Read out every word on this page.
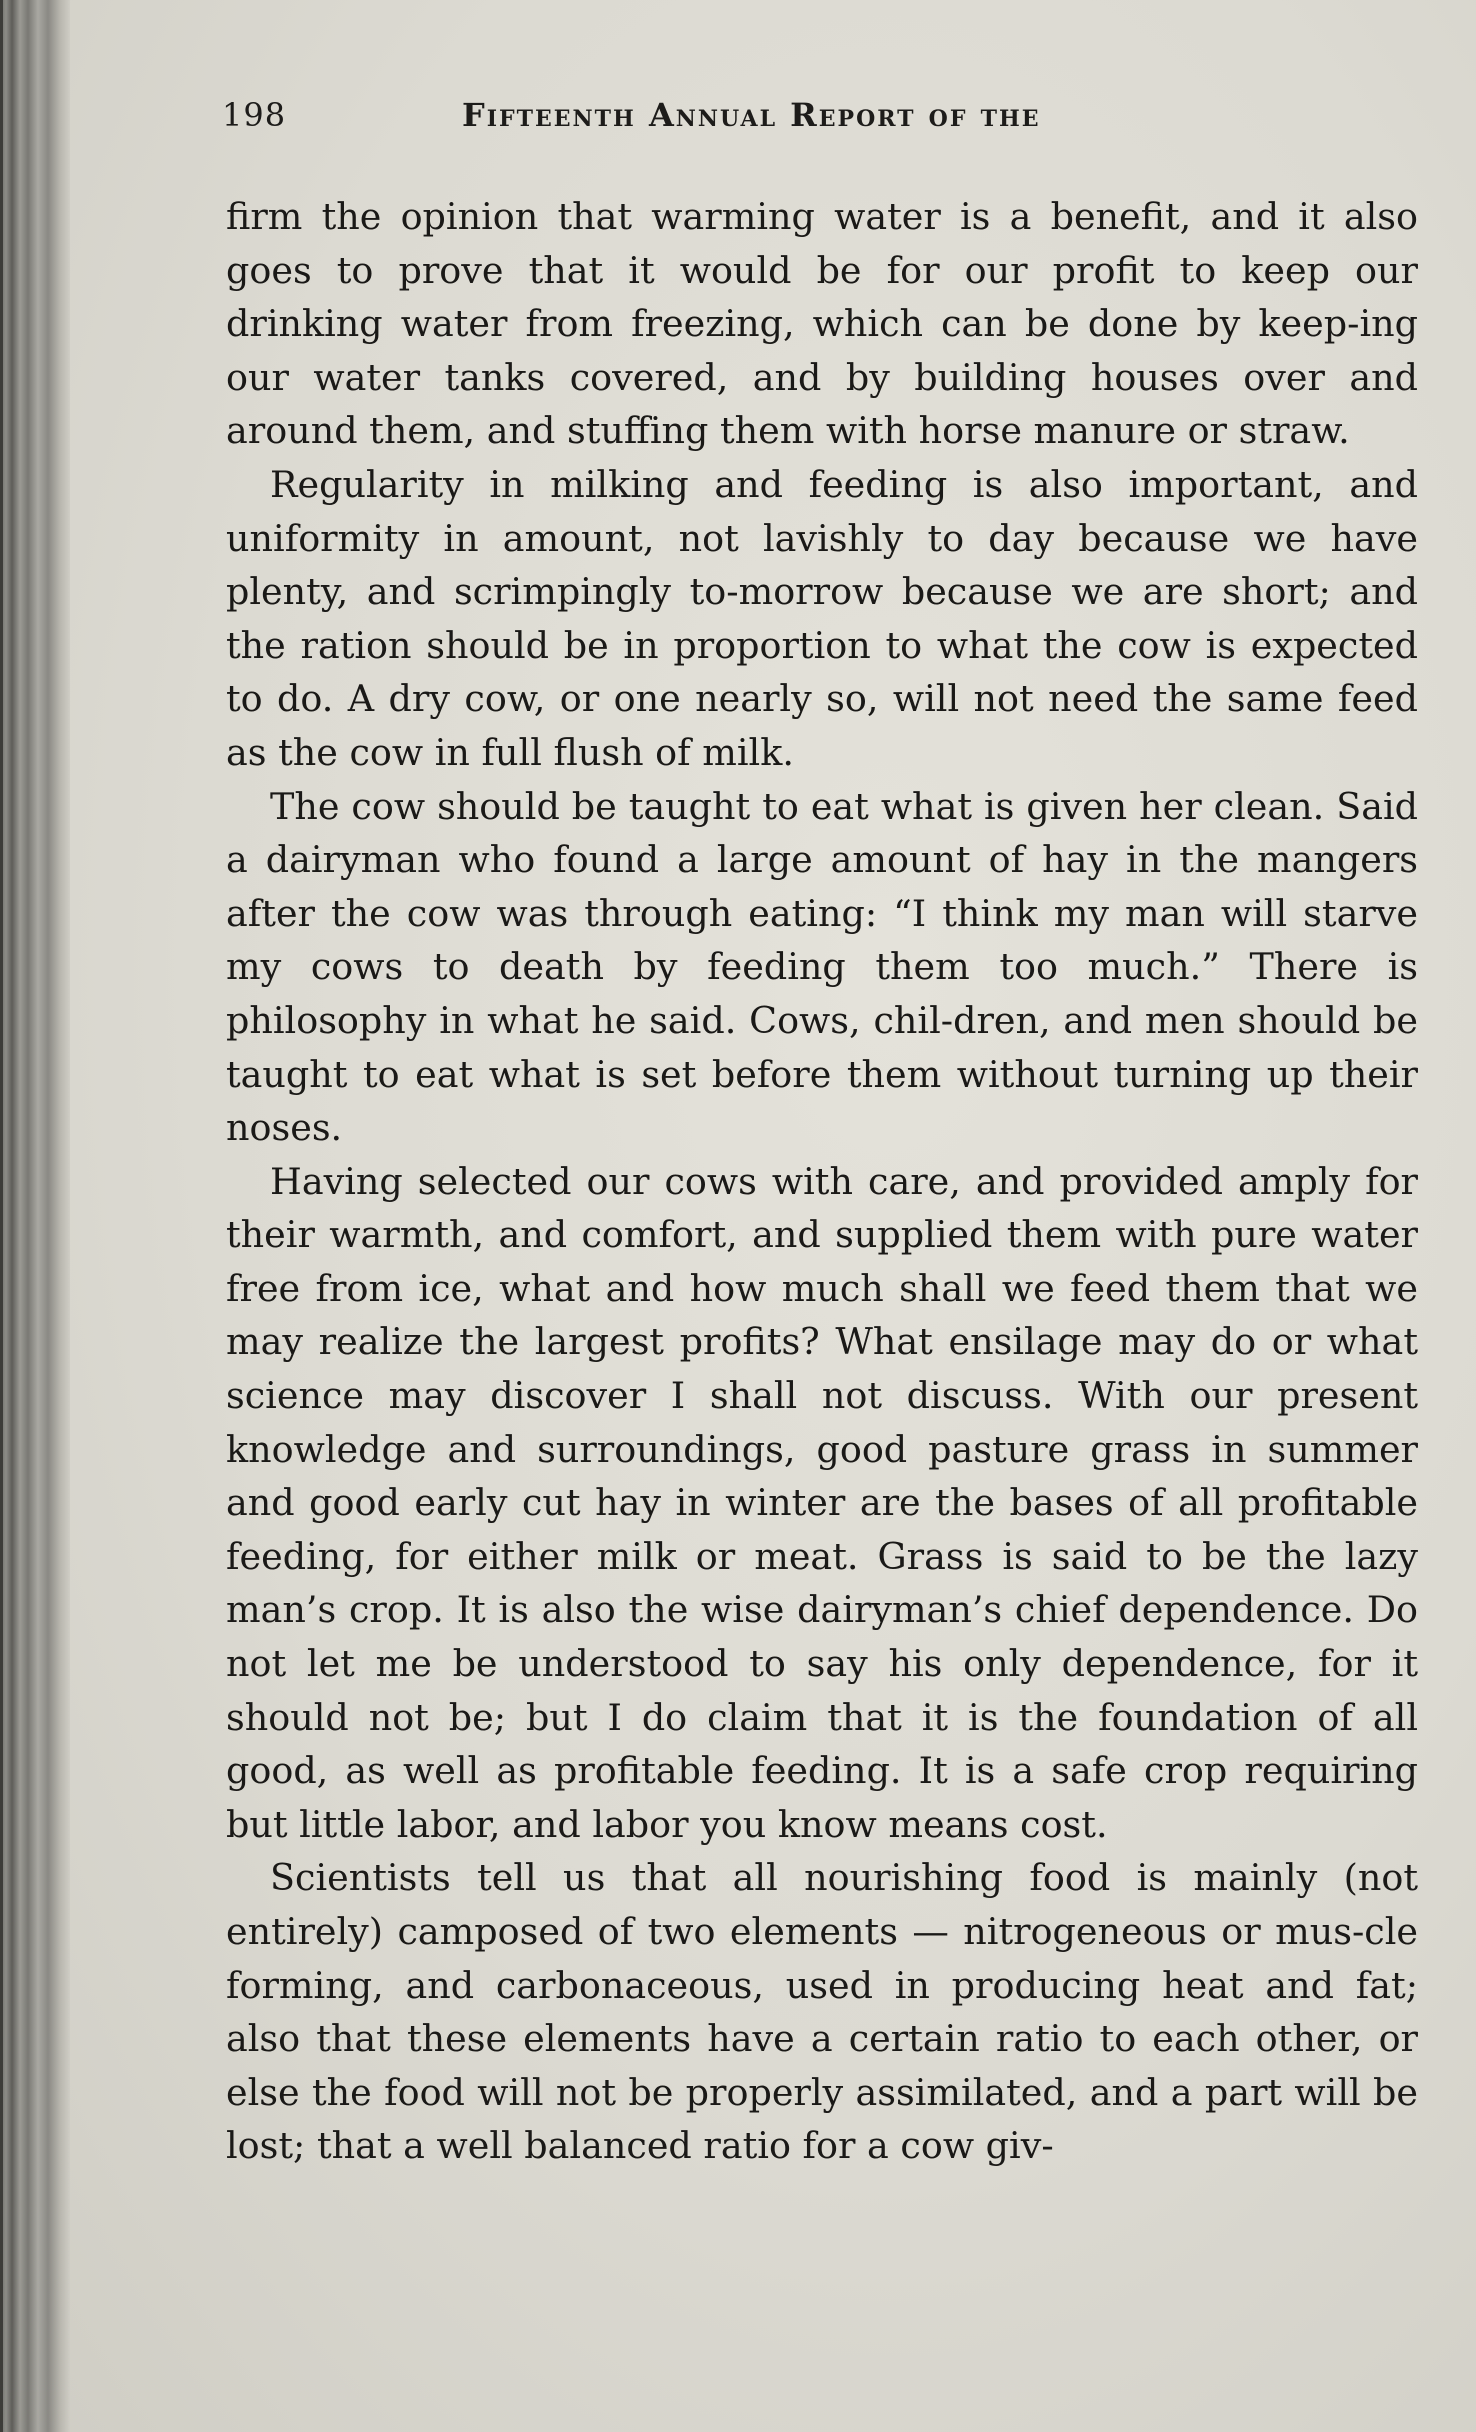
198	Fifteenth Annual Report of the

firm the opinion that warming water is a benefit, and it also goes to prove that it would be for our profit to keep our drinking water from freezing, which can be done by keep-ing our water tanks covered, and by building houses over and around them, and stuffing them with horse manure or straw.

Regularity in milking and feeding is also important, and uniformity in amount, not lavishly to day because we have plenty, and scrimpingly to-morrow because we are short; and the ration should be in proportion to what the cow is expected to do. A dry cow, or one nearly so, will not need the same feed as the cow in full flush of milk.

The cow should be taught to eat what is given her clean. Said a dairyman who found a large amount of hay in the mangers after the cow was through eating: “I think my man will starve my cows to death by feeding them too much.” There is philosophy in what he said. Cows, chil-dren, and men should be taught to eat what is set before them without turning up their noses.

Having selected our cows with care, and provided amply for their warmth, and comfort, and supplied them with pure water free from ice, what and how much shall we feed them that we may realize the largest profits? What ensilage may do or what science may discover I shall not discuss. With our present knowledge and surroundings, good pasture grass in summer and good early cut hay in winter are the bases of all profitable feeding, for either milk or meat. Grass is said to be the lazy man’s crop. It is also the wise dairyman’s chief dependence. Do not let me be understood to say his only dependence, for it should not be; but I do claim that it is the foundation of all good, as well as profitable feeding. It is a safe crop requiring but little labor, and labor you know means cost.

Scientists tell us that all nourishing food is mainly (not entirely) camposed of two elements — nitrogeneous or mus-cle forming, and carbonaceous, used in producing heat and fat; also that these elements have a certain ratio to each other, or else the food will not be properly assimilated, and a part will be lost; that a well balanced ratio for a cow giv-
